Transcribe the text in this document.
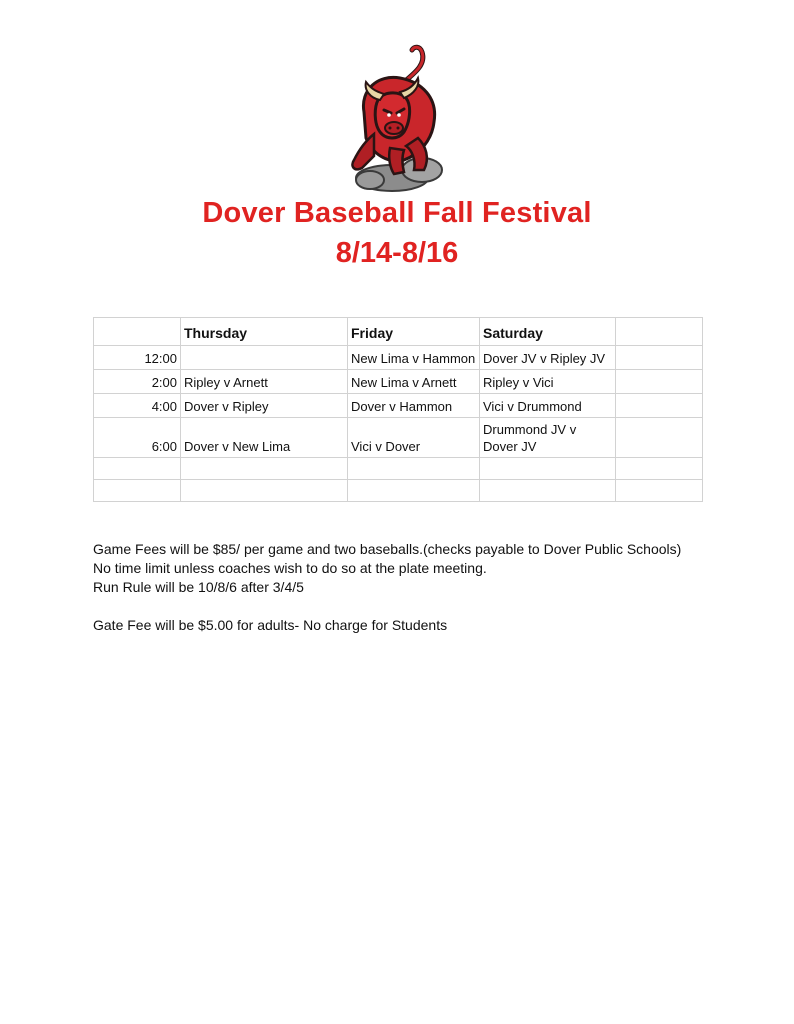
Dover Baseball Fall Festival
8/14-8/16
	Thursday	Friday	Saturday	
12:00		New Lima v Hammon	Dover JV v Ripley JV	
2:00	Ripley v Arnett	New Lima v Arnett	Ripley v Vici	
4:00	Dover v Ripley	Dover v Hammon	Vici v Drummond	
6:00	Dover v New Lima	Vici v Dover	Drummond JV v Dover JV	

Game Fees will be $85/ per game and two baseballs.(checks payable to Dover Public Schools)

No time limit unless coaches wish to do so at the plate meeting.

Run Rule will be 10/8/6 after 3/4/5

Gate Fee will be $5.00 for adults- No charge for Students
